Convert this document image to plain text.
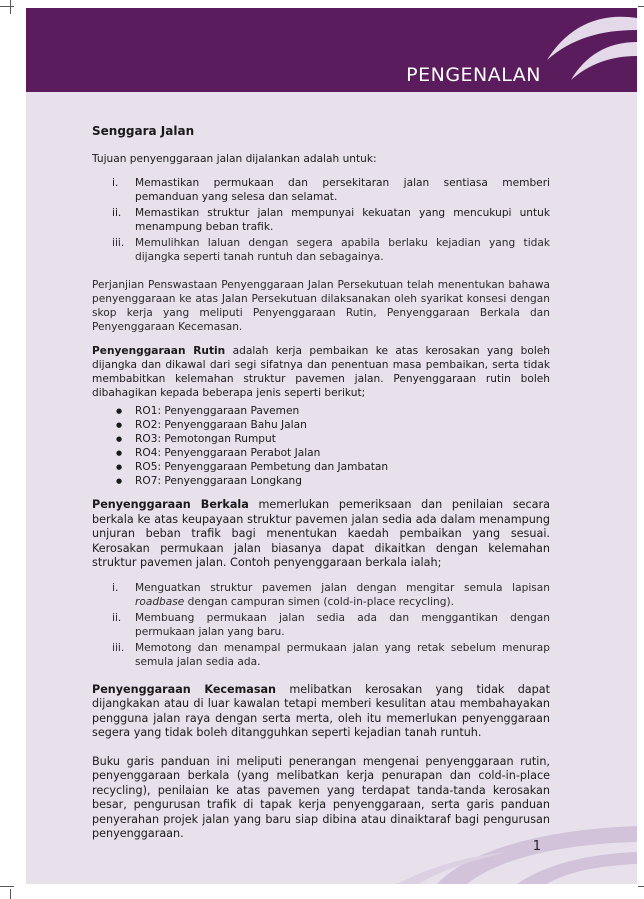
PENGENALAN
1

Senggara Jalan

Tujuan penyenggaraan jalan dijalankan adalah untuk:

i. Memastikan permukaan dan persekitaran jalan sentiasa memberi pemanduan yang selesa dan selamat.
ii. Memastikan struktur jalan mempunyai kekuatan yang mencukupi untuk menampung beban trafik.
iii. Memulihkan laluan dengan segera apabila berlaku kejadian yang tidak dijangka seperti tanah runtuh dan sebagainya.

Perjanjian Penswastaan Penyenggaraan Jalan Persekutuan telah menentukan bahawa penyenggaraan ke atas Jalan Persekutuan dilaksanakan oleh syarikat konsesi dengan skop kerja yang meliputi Penyenggaraan Rutin, Penyenggaraan Berkala dan Penyenggaraan Kecemasan.

Penyenggaraan Rutin adalah kerja pembaikan ke atas kerosakan yang boleh dijangka dan dikawal dari segi sifatnya dan penentuan masa pembaikan, serta tidak membabitkan kelemahan struktur pavemen jalan. Penyenggaraan rutin boleh dibahagikan kepada beberapa jenis seperti berikut;

● RO1: Penyenggaraan Pavemen
● RO2: Penyenggaraan Bahu Jalan
● RO3: Pemotongan Rumput
● RO4: Penyenggaraan Perabot Jalan
● RO5: Penyenggaraan Pembetung dan Jambatan
● RO7: Penyenggaraan Longkang

Penyenggaraan Berkala memerlukan pemeriksaan dan penilaian secara berkala ke atas keupayaan struktur pavemen jalan sedia ada dalam menampung unjuran beban trafik bagi menentukan kaedah pembaikan yang sesuai. Kerosakan permukaan jalan biasanya dapat dikaitkan dengan kelemahan struktur pavemen jalan. Contoh penyenggaraan berkala ialah;

i. Menguatkan struktur pavemen jalan dengan mengitar semula lapisan roadbase dengan campuran simen (cold-in-place recycling).
ii. Membuang permukaan jalan sedia ada dan menggantikan dengan permukaan jalan yang baru.
iii. Memotong dan menampal permukaan jalan yang retak sebelum menurap semula jalan sedia ada.

Penyenggaraan Kecemasan melibatkan kerosakan yang tidak dapat dijangkakan atau di luar kawalan tetapi memberi kesulitan atau membahayakan pengguna jalan raya dengan serta merta, oleh itu memerlukan penyenggaraan segera yang tidak boleh ditangguhkan seperti kejadian tanah runtuh.

Buku garis panduan ini meliputi penerangan mengenai penyenggaraan rutin, penyenggaraan berkala (yang melibatkan kerja penurapan dan cold-in-place recycling), penilaian ke atas pavemen yang terdapat tanda-tanda kerosakan besar, pengurusan trafik di tapak kerja penyenggaraan, serta garis panduan penyerahan projek jalan yang baru siap dibina atau dinaiktaraf bagi pengurusan penyenggaraan.
